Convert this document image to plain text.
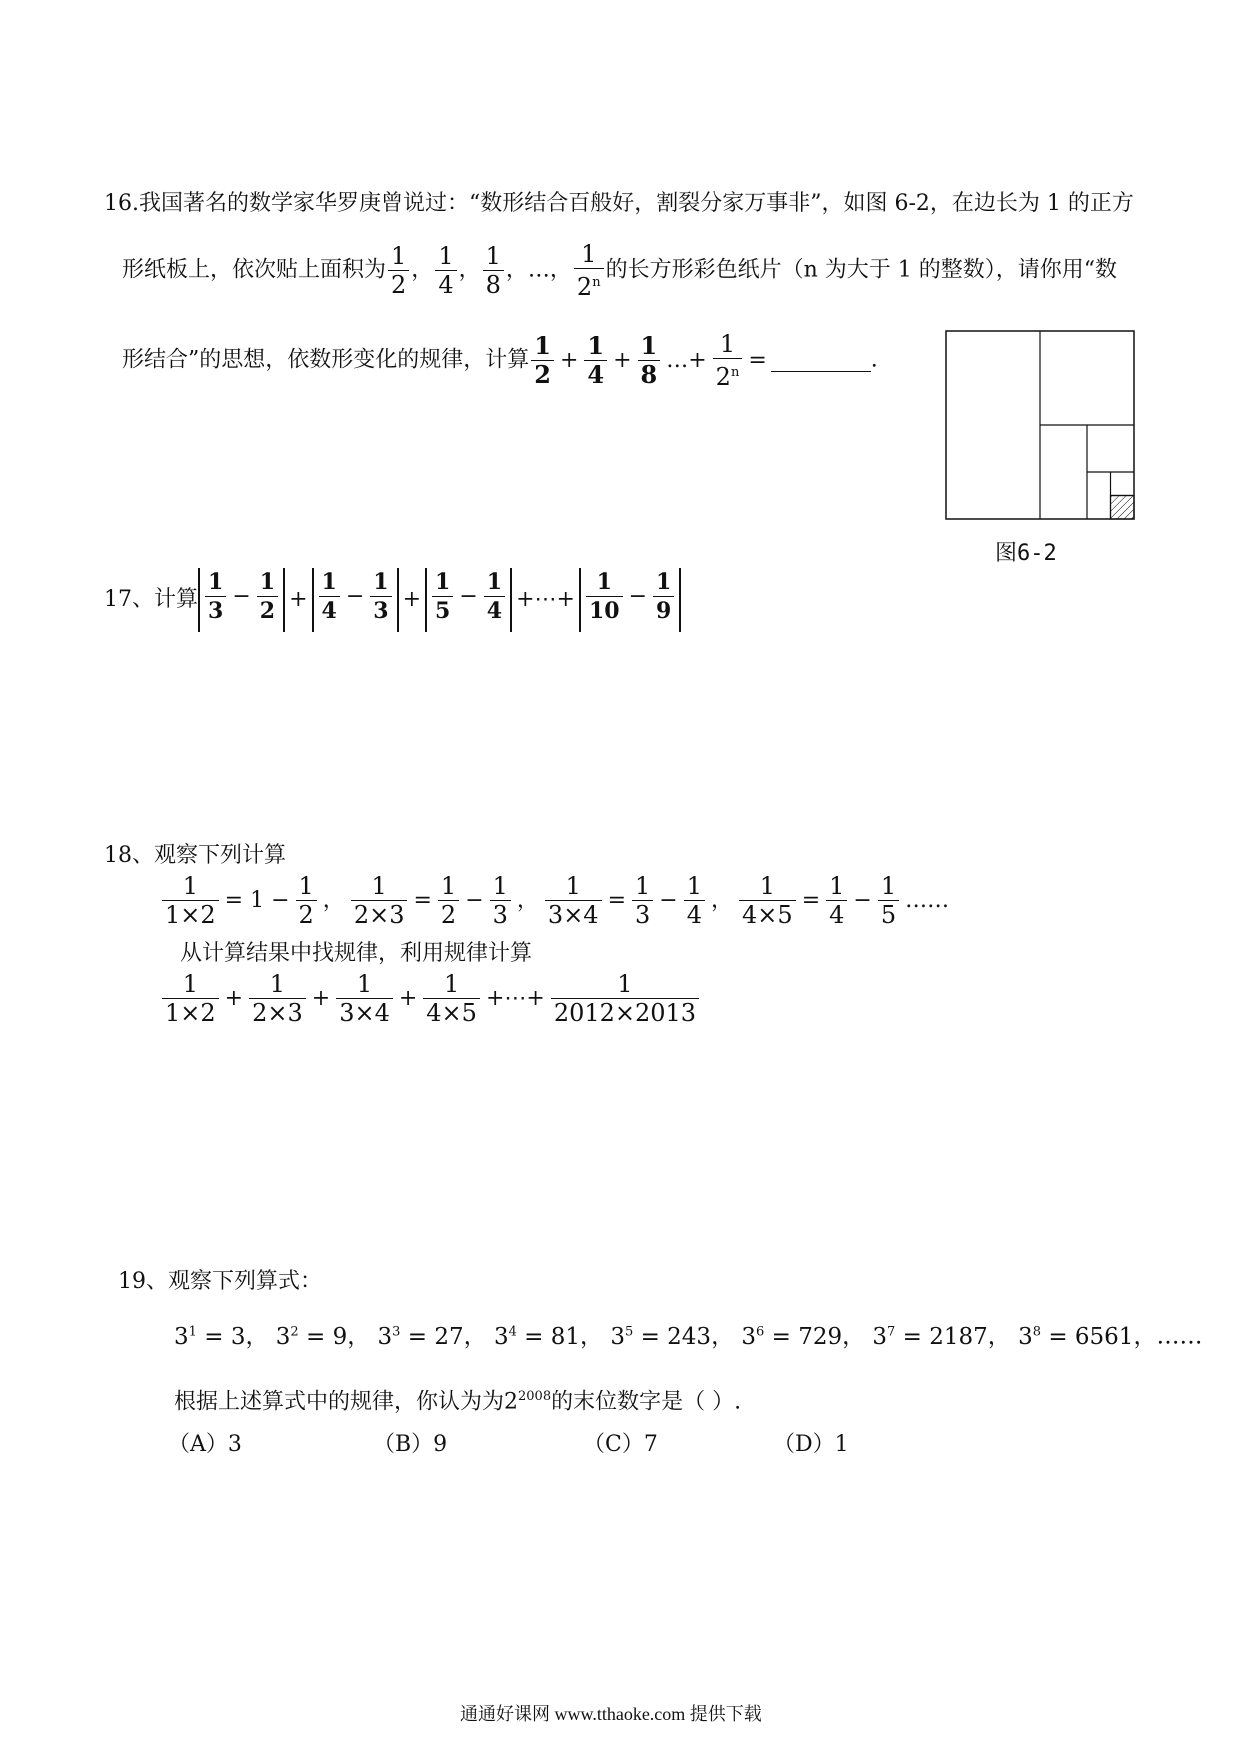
16.我国著名的数学家华罗庚曾说过：“数形结合百般好，割裂分家万事非”，如图 6-2，在边长为 1 的正方
形纸板上，依次贴上面积为 $\frac{1}{2}$ ， $\frac{1}{4}$ ， $\frac{1}{8}$ ，…， $\frac{1}{2^n}$ 的长方形彩色纸片（n 为大于 1 的整数），请你用“数
形结合”的思想，依数形变化的规律，计算 $\frac{1}{2} + \frac{1}{4} + \frac{1}{8}$ …+ $\frac{1}{2^n}$ =	.
图6-2
17、计算 $\frac{1}{3} - \frac{1}{2} + \frac{1}{4} - \frac{1}{3} + \frac{1}{5} - \frac{1}{4}$ +⋯+ $\frac{1}{10} - \frac{1}{9}$
18、观察下列计算
$\frac{1}{1\times 2} = 1 - \frac{1}{2}$ ， $\frac{1}{2\times 3} = \frac{1}{2} - \frac{1}{3}$ ， $\frac{1}{3\times 4} = \frac{1}{3} - \frac{1}{4}$ ， $\frac{1}{4\times 5} = \frac{1}{4} - \frac{1}{5}$ ……
从计算结果中找规律，利用规律计算
$\frac{1}{1\times 2} + \frac{1}{2\times 3} + \frac{1}{3\times 4} + \frac{1}{4\times 5}$ +⋯+ $\frac{1}{2012\times 2013}$
19、观察下列算式：
$3^1 = 3$， $3^2 = 9$， $3^3 = 27$， $3^4 = 81$， $3^5 = 243$， $3^6 = 729$， $3^7 = 2187$， $3^8 = 6561$，……
根据上述算式中的规律，你认为为$2^{2008}$的末位数字是（ ）.
（A）3	（B）9	（C）7	（D）1
通通好课网 www.tthaoke.com 提供下载
